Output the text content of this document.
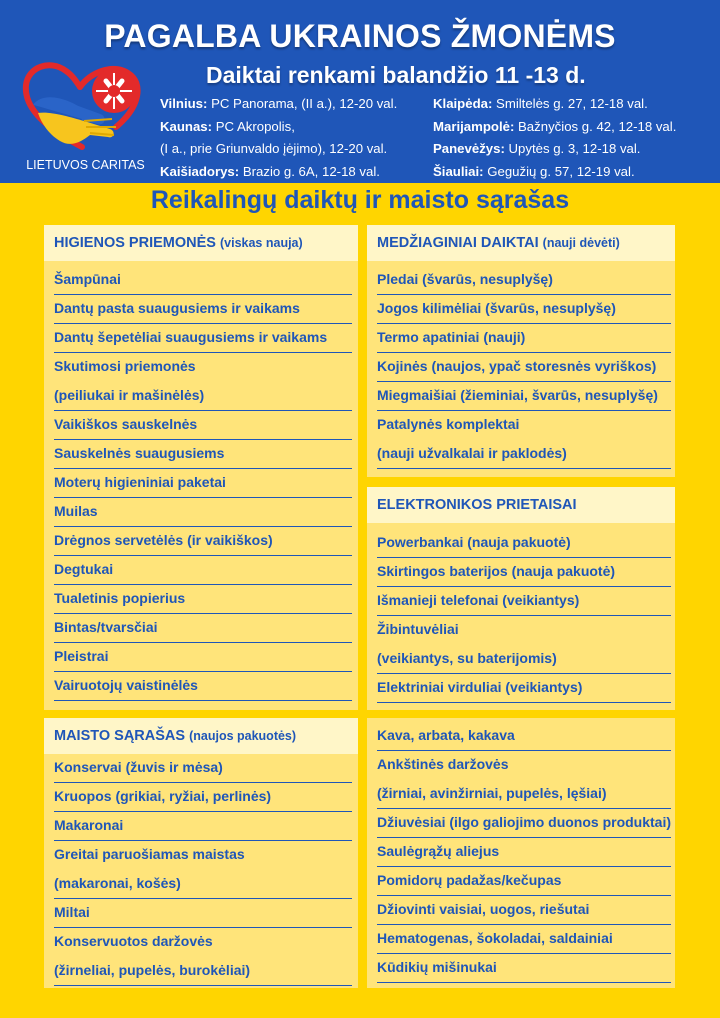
PAGALBA UKRAINOS ŽMONĖMS
Daiktai renkami balandžio 11 -13 d.
LIETUVOS CARITAS
Vilnius: PC Panorama, (II a.), 12-20 val.
Kaunas: PC Akropolis,
(I a., prie Griunvaldo įėjimo), 12-20 val.
Kaišiadorys: Brazio g. 6A, 12-18 val.
Klaipėda: Smiltelės g. 27, 12-18 val.
Marijampolė: Bažnyčios g. 42, 12-18 val.
Panevėžys: Upytės g. 3, 12-18 val.
Šiauliai: Gegužių g. 57, 12-19 val.
Reikalingų daiktų ir maisto sąrašas
HIGIENOS PRIEMONĖS (viskas nauja)
Šampūnai
Dantų pasta suaugusiems ir vaikams
Dantų šepetėliai suaugusiems ir vaikams
Skutimosi priemonės
(peiliukai ir mašinėlės)
Vaikiškos sauskelnės
Sauskelnės suaugusiems
Moterų higieniniai paketai
Muilas
Drėgnos servetėlės (ir vaikiškos)
Degtukai
Tualetinis popierius
Bintas/tvarsčiai
Pleistrai
Vairuotojų vaistinėlės
MEDŽIAGINIAI DAIKTAI (nauji dėvėti)
Pledai (švarūs, nesuplyšę)
Jogos kilimėliai (švarūs, nesuplyšę)
Termo apatiniai (nauji)
Kojinės (naujos, ypač storesnės vyriškos)
Miegmaišiai (žieminiai, švarūs, nesuplyšę)
Patalynės komplektai
(nauji užvalkalai ir paklodės)
ELEKTRONIKOS PRIETAISAI
Powerbankai (nauja pakuotė)
Skirtingos baterijos (nauja pakuotė)
Išmanieji telefonai (veikiantys)
Žibintuvėliai
(veikiantys, su baterijomis)
Elektriniai virduliai (veikiantys)
MAISTO SĄRAŠAS (naujos pakuotės)
Konservai (žuvis ir mėsa)
Kruopos (grikiai, ryžiai, perlinės)
Makaronai
Greitai paruošiamas maistas
(makaronai, košės)
Miltai
Konservuotos daržovės
(žirneliai, pupelės, burokėliai)
Kava, arbata, kakava
Ankštinės daržovės
(žirniai, avinžirniai, pupelės, lęšiai)
Džiuvėsiai (ilgo galiojimo duonos produktai)
Saulėgrąžų aliejus
Pomidorų padažas/kečupas
Džiovinti vaisiai, uogos, riešutai
Hematogenas, šokoladai, saldainiai
Kūdikių mišinukai
